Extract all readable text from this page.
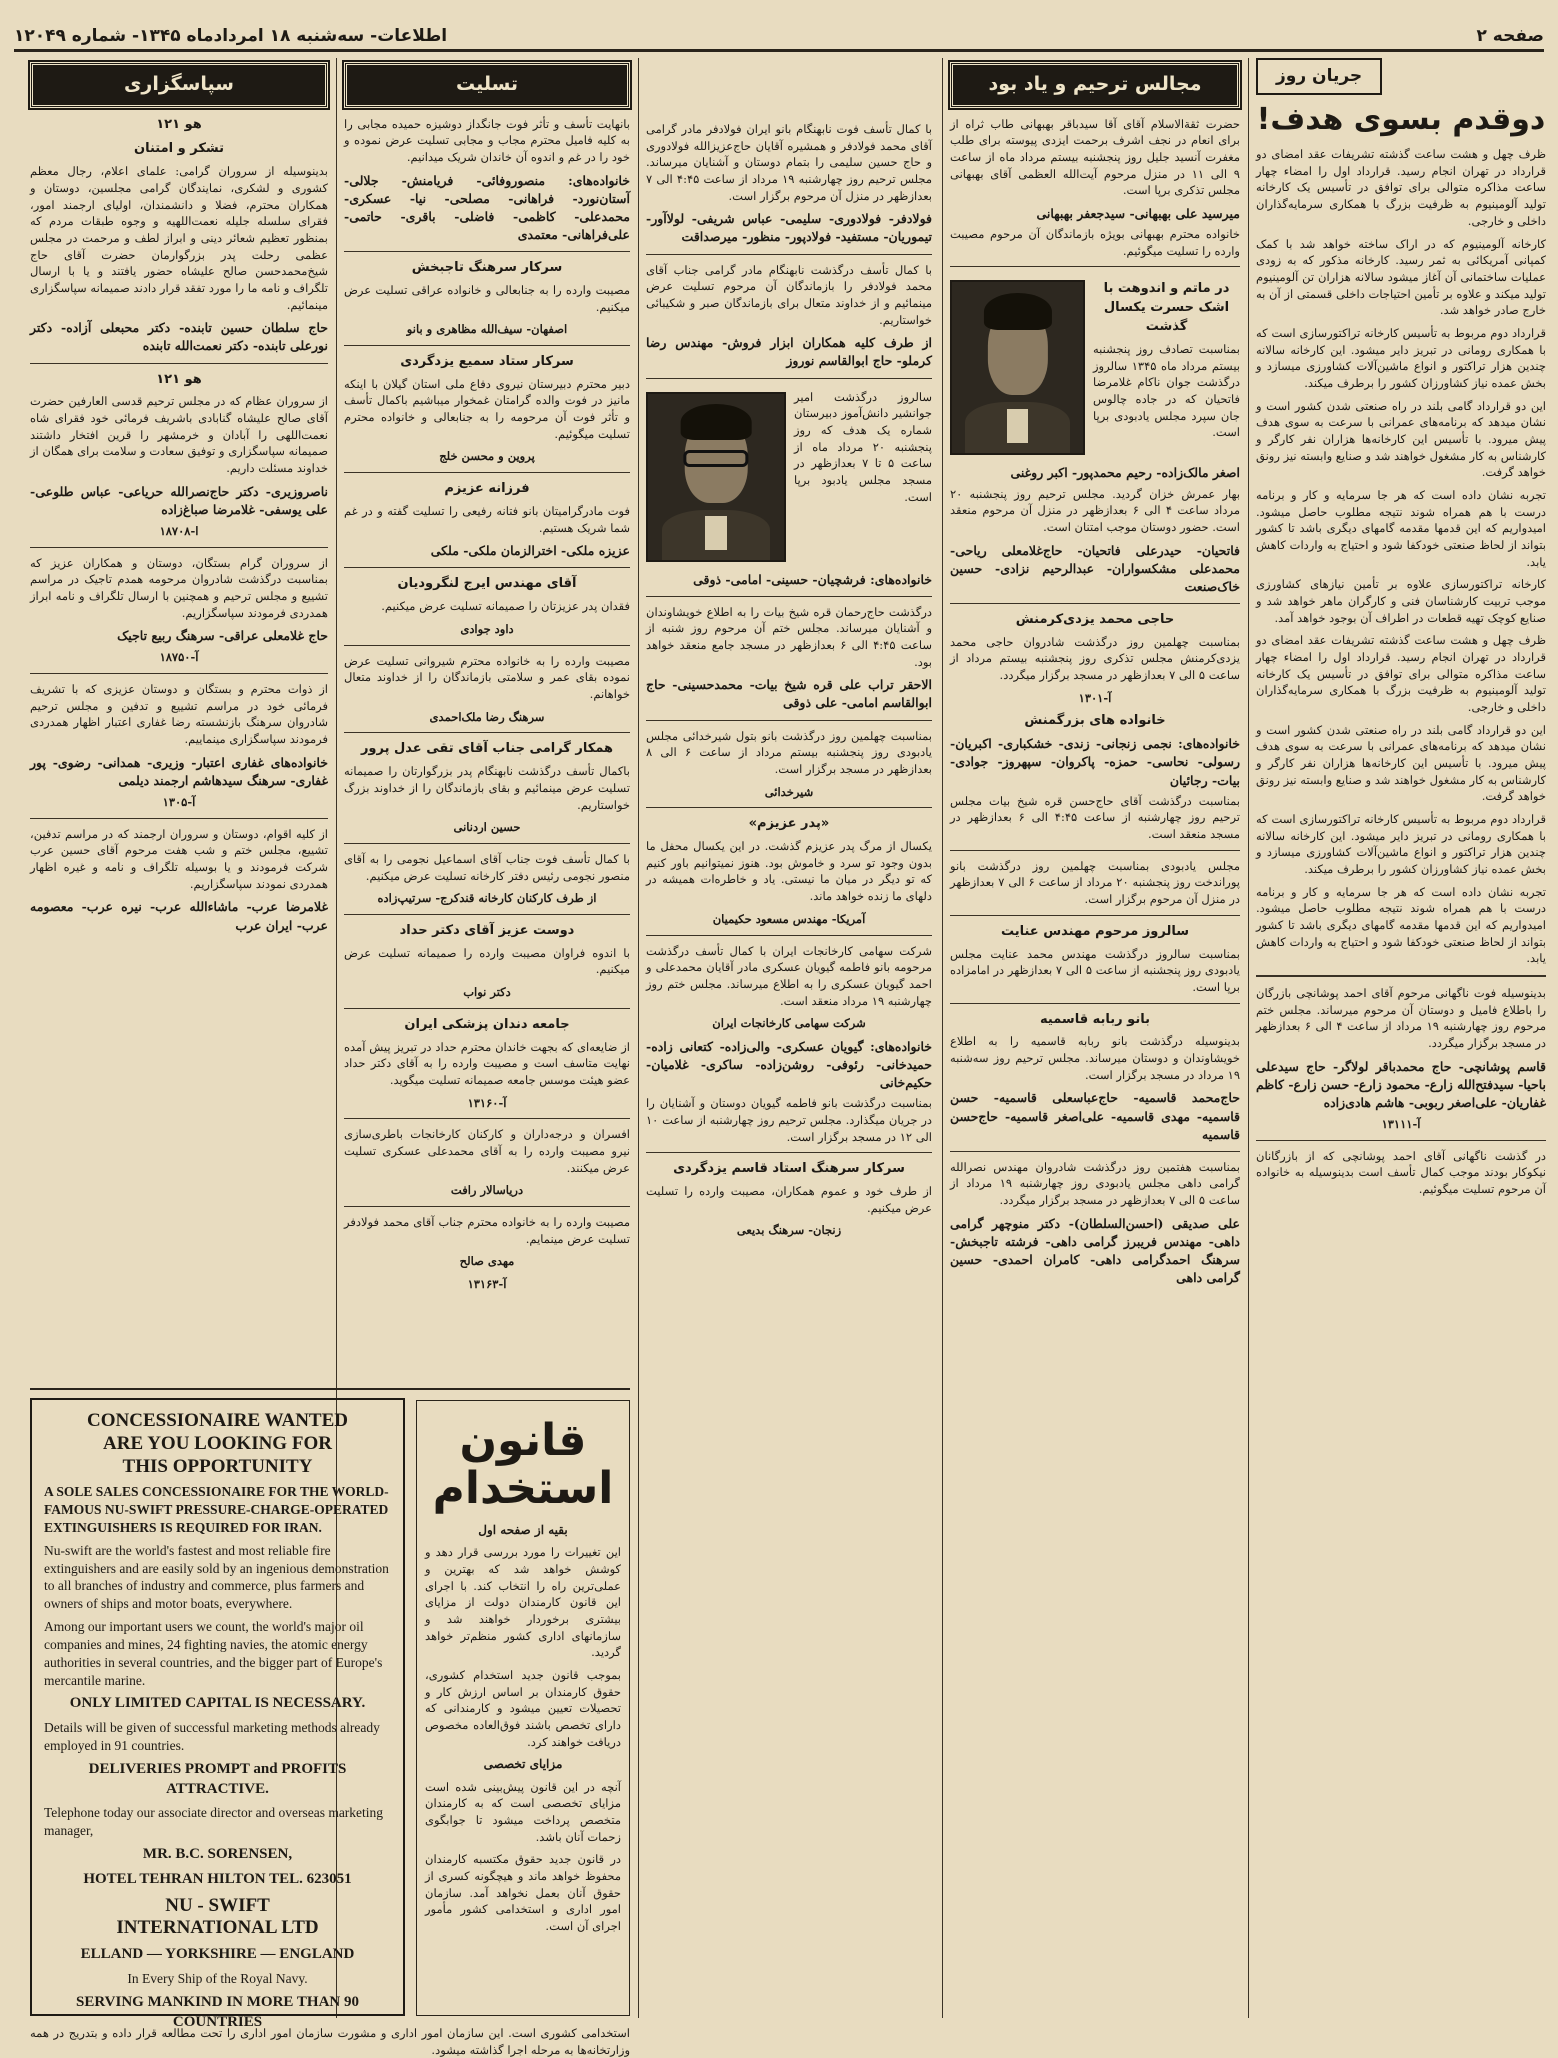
اطلاعات- سه‌شنبه ۱۸ امردادماه ۱۳۴۵- شماره ۱۲۰۴۹	صفحه ۲
جریان روز
دوقدم بسوی هدف!

ظرف چهل و هشت ساعت گذشته تشریفات عقد امضای دو قرارداد در تهران انجام رسید. قرارداد اول را امضاء چهار ساعت مذاکره متوالی برای توافق در تأسیس یک کارخانه تولید آلومینیوم به ظرفیت بزرگ با همکاری سرمایه‌گذاران داخلی و خارجی.

کارخانه آلومینیوم که در اراک ساخته خواهد شد با کمک کمپانی آمریکائی به ثمر رسید. کارخانه مذکور که به زودی عملیات ساختمانی آن آغاز میشود سالانه هزاران تن آلومینیوم تولید میکند و علاوه بر تأمین احتیاجات داخلی قسمتی از آن به خارج صادر خواهد شد.

قرارداد دوم مربوط به تأسیس کارخانه تراکتورسازی است که با همکاری رومانی در تبریز دایر میشود. این کارخانه سالانه چندین هزار تراکتور و انواع ماشین‌آلات کشاورزی میسازد و بخش عمده نیاز کشاورزان کشور را برطرف میکند.

این دو قرارداد گامی بلند در راه صنعتی شدن کشور است و نشان میدهد که برنامه‌های عمرانی با سرعت به سوی هدف پیش میرود. با تأسیس این کارخانه‌ها هزاران نفر کارگر و کارشناس به کار مشغول خواهند شد و صنایع وابسته نیز رونق خواهد گرفت.

تجربه نشان داده است که هر جا سرمایه و کار و برنامه درست با هم همراه شوند نتیجه مطلوب حاصل میشود. امیدواریم که این قدمها مقدمه گامهای دیگری باشد تا کشور بتواند از لحاظ صنعتی خودکفا شود و احتیاج به واردات کاهش یابد.

کارخانه تراکتورسازی علاوه بر تأمین نیازهای کشاورزی موجب تربیت کارشناسان فنی و کارگران ماهر خواهد شد و صنایع کوچک تهیه قطعات در اطراف آن بوجود خواهد آمد.

ظرف چهل و هشت ساعت گذشته تشریفات عقد امضای دو قرارداد در تهران انجام رسید. قرارداد اول را امضاء چهار ساعت مذاکره متوالی برای توافق در تأسیس یک کارخانه تولید آلومینیوم به ظرفیت بزرگ با همکاری سرمایه‌گذاران داخلی و خارجی.

این دو قرارداد گامی بلند در راه صنعتی شدن کشور است و نشان میدهد که برنامه‌های عمرانی با سرعت به سوی هدف پیش میرود. با تأسیس این کارخانه‌ها هزاران نفر کارگر و کارشناس به کار مشغول خواهند شد و صنایع وابسته نیز رونق خواهد گرفت.

قرارداد دوم مربوط به تأسیس کارخانه تراکتورسازی است که با همکاری رومانی در تبریز دایر میشود. این کارخانه سالانه چندین هزار تراکتور و انواع ماشین‌آلات کشاورزی میسازد و بخش عمده نیاز کشاورزان کشور را برطرف میکند.

تجربه نشان داده است که هر جا سرمایه و کار و برنامه درست با هم همراه شوند نتیجه مطلوب حاصل میشود. امیدواریم که این قدمها مقدمه گامهای دیگری باشد تا کشور بتواند از لحاظ صنعتی خودکفا شود و احتیاج به واردات کاهش یابد.

بدینوسیله فوت ناگهانی مرحوم آقای احمد پوشانچی بازرگان را باطلاع فامیل و دوستان آن مرحوم میرساند. مجلس ختم مرحوم روز چهارشنبه ۱۹ مرداد از ساعت ۴ الی ۶ بعدازظهر در مسجد برگزار میگردد.

قاسم پوشانچی- حاج محمدباقر لولاگر- حاج سیدعلی باحیا- سیدفتح‌الله زارع- محمود زارع- حسن زارع- کاظم غفاریان- علی‌اصغر ربوبی- هاشم هادی‌زاده
آ-۱۳۱۱۱

در گذشت ناگهانی آقای احمد پوشانچی که از بازرگانان نیکوکار بودند موجب کمال تأسف است بدینوسیله به خانواده آن مرحوم تسلیت میگوئیم.

مجالس ترحیم و یاد بود

حضرت ثقة‌الاسلام آقای آقا سیدباقر بهبهانی طاب ثراه از برای انعام در نجف اشرف برحمت ایزدی پیوسته برای طلب مغفرت آنسید جلیل روز پنجشنبه بیستم مرداد ماه از ساعت ۹ الی ۱۱ در منزل مرحوم آیت‌الله العظمی آقای بهبهانی مجلس تذکری برپا است.

میرسید علی بهبهانی- سیدجعفر بهبهانی

خانواده محترم بهبهانی بویژه بازماندگان آن مرحوم مصیبت وارده را تسلیت میگوئیم.

در ماتم و اندوهت با اشک حسرت یکسال گذشت

بمناسبت تصادف روز پنجشنبه بیستم مرداد ماه ۱۳۴۵ سالروز درگذشت جوان ناکام غلامرضا فاتحیان که در جاده چالوس جان سپرد مجلس یادبودی برپا است.

اصغر مالک‌زاده- رحیم محمدپور- اکبر روغنی

بهار عمرش خزان گردید. مجلس ترحیم روز پنجشنبه ۲۰ مرداد ساعت ۴ الی ۶ بعدازظهر در منزل آن مرحوم منعقد است. حضور دوستان موجب امتنان است.

فاتحیان- حیدرعلی فاتحیان- حاج‌غلامعلی ریاحی- محمدعلی مشکسواران- عبدالرحیم نزادی- حسین خاک‌صنعت
حاجی محمد یزدی‌کرمنش

بمناسبت چهلمین روز درگذشت شادروان حاجی محمد یزدی‌کرمنش مجلس تذکری روز پنجشنبه بیستم مرداد از ساعت ۵ الی ۷ بعدازظهر در مسجد برگزار میگردد.

آ-۱۳۰۱
خانواده های بزرگمنش
خانواده‌های: نجمی زنجانی- زندی- خشکباری- اکبریان- رسولی- نحاسی- حمزه- پاکروان- سپهروز- جوادی- بیات- رجائیان

بمناسبت درگذشت آقای حاج‌حسن قره شیخ بیات مجلس ترحیم روز چهارشنبه از ساعت ۴:۴۵ الی ۶ بعدازظهر در مسجد منعقد است.

مجلس یادبودی بمناسبت چهلمین روز درگذشت بانو پوراندخت روز پنجشنبه ۲۰ مرداد از ساعت ۶ الی ۷ بعدازظهر در منزل آن مرحوم برگزار است.

سالروز مرحوم مهندس عنایت

بمناسبت سالروز درگذشت مهندس محمد عنایت مجلس یادبودی روز پنجشنبه از ساعت ۵ الی ۷ بعدازظهر در امامزاده برپا است.

بانو ربابه قاسمیه

بدینوسیله درگذشت بانو ربابه قاسمیه را به اطلاع خویشاوندان و دوستان میرساند. مجلس ترحیم روز سه‌شنبه ۱۹ مرداد در مسجد برگزار است.

حاج‌محمد قاسمیه- حاج‌عباسعلی قاسمیه- حسن قاسمیه- مهدی قاسمیه- علی‌اصغر قاسمیه- حاج‌حسن قاسمیه

بمناسبت هفتمین روز درگذشت شادروان مهندس نصرالله گرامی داهی مجلس یادبودی روز چهارشنبه ۱۹ مرداد از ساعت ۵ الی ۷ بعدازظهر در مسجد برگزار میگردد.

علی صدیقی (احسن‌السلطان)- دکتر منوچهر گرامی داهی- مهندس فریبرز گرامی داهی- فرشته تاجبخش- سرهنگ احمدگرامی داهی- کامران احمدی- حسین گرامی داهی

با کمال تأسف فوت نابهنگام بانو ایران فولادفر مادر گرامی آقای محمد فولادفر و همشیره آقایان حاج‌عزیزالله فولادوری و حاج حسین سلیمی را بتمام دوستان و آشنایان میرساند. مجلس ترحیم روز چهارشنبه ۱۹ مرداد از ساعت ۴:۴۵ الی ۷ بعدازظهر در منزل آن مرحوم برگزار است.

فولادفر- فولادوری- سلیمی- عباس شریفی- لولاآور- تیموریان- مستفید- فولادپور- منظور- میرصداقت

با کمال تأسف درگذشت نابهنگام مادر گرامی جناب آقای محمد فولادفر را بازماندگان آن مرحوم تسلیت عرض مینمائیم و از خداوند متعال برای بازماندگان صبر و شکیبائی خواستاریم.

از طرف کلیه همکاران ابزار فروش- مهندس رضا کرملو- حاج ابوالقاسم نوروز

سالروز درگذشت امیر جوانشیر دانش‌آموز دبیرستان شماره یک هدف که روز پنجشنبه ۲۰ مرداد ماه از ساعت ۵ تا ۷ بعدازظهر در مسجد مجلس یادبود برپا است.

خانواده‌های: فرشچیان- حسینی- امامی- ذوقی

درگذشت حاج‌رحمان قره شیخ بیات را به اطلاع خویشاوندان و آشنایان میرساند. مجلس ختم آن مرحوم روز شنبه از ساعت ۴:۴۵ الی ۶ بعدازظهر در مسجد جامع منعقد خواهد بود.

الاحقر تراب علی قره شیخ بیات- محمدحسینی- حاج ابوالقاسم امامی- علی ذوقی

بمناسبت چهلمین روز درگذشت بانو بتول شیرخدائی مجلس یادبودی روز پنجشنبه بیستم مرداد از ساعت ۶ الی ۸ بعدازظهر در مسجد برگزار است.

شیرخدائی
«پدر عزیزم»

یکسال از مرگ پدر عزیزم گذشت. در این یکسال محفل ما بدون وجود تو سرد و خاموش بود. هنوز نمیتوانیم باور کنیم که تو دیگر در میان ما نیستی. یاد و خاطره‌ات همیشه در دلهای ما زنده خواهد ماند.

آمریکا- مهندس مسعود حکیمیان

شرکت سهامی کارخانجات ایران با کمال تأسف درگذشت مرحومه بانو فاطمه گیویان عسکری مادر آقایان محمدعلی و احمد گیویان عسکری را به اطلاع میرساند. مجلس ختم روز چهارشنبه ۱۹ مرداد منعقد است.

شرکت سهامی کارخانجات ایران
خانواده‌های: گیویان عسکری- والی‌زاده- کتعانی زاده- حمیدخانی- رئوفی- روشن‌زاده- ساکری- غلامیان- حکیم‌خانی

بمناسبت درگذشت بانو فاطمه گیویان دوستان و آشنایان را در جریان میگذارد. مجلس ترحیم روز چهارشنبه از ساعت ۱۰ الی ۱۲ در مسجد برگزار است.

سرکار سرهنگ استاد قاسم یزدگردی

از طرف خود و عموم همکاران، مصیبت وارده را تسلیت عرض میکنیم.

زنجان- سرهنگ بدیعی
تسلیت

بانهایت تأسف و تأثر فوت جانگداز دوشیزه حمیده مجابی را به کلیه فامیل محترم مجاب و مجابی تسلیت عرض نموده و خود را در غم و اندوه آن خاندان شریک میدانیم.

خانواده‌های: منصوروفائی- فریامنش- جلالی- آستان‌نورد- فراهانی- مصلحی- نیا- عسکری- محمدعلی- کاظمی- فاضلی- باقری- حاتمی- علی‌فراهانی- معتمدی
سرکار سرهنگ تاجبخش

مصیبت وارده را به جنابعالی و خانواده عراقی تسلیت عرض میکنیم.

اصفهان- سیف‌الله مظاهری و بانو
سرکار ستاد سمیع یزدگردی

دبیر محترم دبیرستان نیروی دفاع ملی استان گیلان با اینکه مانیز در فوت والده گرامتان غمخوار میباشیم باکمال تأسف و تأثر فوت آن مرحومه را به جنابعالی و خانواده محترم تسلیت میگوئیم.

پروین و محسن خلج
فرزانه عزیزم

فوت مادرگرامیتان بانو فتانه رفیعی را تسلیت گفته و در غم شما شریک هستیم.

عزیزه ملکی- اخترالزمان ملکی- ملکی
آقای مهندس ایرج لنگرودیان

فقدان پدر عزیزتان را صمیمانه تسلیت عرض میکنیم.

داود جوادی

مصیبت وارده را به خانواده محترم شیروانی تسلیت عرض نموده بقای عمر و سلامتی بازماندگان را از خداوند متعال خواهانم.

سرهنگ رضا ملک‌احمدی
همکار گرامی جناب آقای تقی عدل پرور

باکمال تأسف درگذشت نابهنگام پدر بزرگوارتان را صمیمانه تسلیت عرض مینمائیم و بقای بازماندگان را از خداوند بزرگ خواستاریم.

حسین اردنانی

با کمال تأسف فوت جناب آقای اسماعیل نجومی را به آقای منصور نجومی رئیس دفتر کارخانه تسلیت عرض میکنیم.

از طرف کارکنان کارخانه قندکرج- سرتیپ‌زاده
دوست عزیز آقای دکتر حداد

با اندوه فراوان مصیبت وارده را صمیمانه تسلیت عرض میکنیم.

دکتر نواب
جامعه دندان پزشکی ایران

از ضایعه‌ای که بجهت خاندان محترم حداد در تبریز پیش آمده نهایت متاسف است و مصیبت وارده را به آقای دکتر حداد عضو هیئت موسس جامعه صمیمانه تسلیت میگوید.

آ-۱۳۱۶۰

افسران و درجه‌داران و کارکنان کارخانجات باطری‌سازی نیرو مصیبت وارده را به آقای محمدعلی عسکری تسلیت عرض میکنند.

دریاسالار رافت

مصیبت وارده را به خانواده محترم جناب آقای محمد فولادفر تسلیت عرض مینمایم.

مهدی صالح
آ-۱۳۱۶۳
سپاسگزاری
هو ۱۲۱
تشکر و امتنان

بدینوسیله از سروران گرامی: علمای اعلام، رجال معظم کشوری و لشکری، نمایندگان گرامی مجلسین، دوستان و همکاران محترم، فضلا و دانشمندان، اولیای ارجمند امور، فقرای سلسله جلیله نعمت‌اللهیه و وجوه طبقات مردم که بمنظور تعظیم شعائر دینی و ابراز لطف و مرحمت در مجلس عظمی رحلت پدر بزرگوارمان حضرت آقای حاج شیخ‌محمدحسن صالح علیشاه حضور یافتند و یا با ارسال تلگراف و نامه ما را مورد تفقد قرار دادند صمیمانه سپاسگزاری مینمائیم.

حاج سلطان حسین تابنده- دکتر محبعلی آزاده- دکتر نورعلی تابنده- دکتر نعمت‌الله تابنده
هو ۱۲۱

از سروران عظام که در مجلس ترحیم قدسی العارفین حضرت آقای صالح علیشاه گنابادی باشریف فرمائی خود فقرای شاه نعمت‌اللهی را آبادان و خرمشهر را قرین افتخار داشتند صمیمانه سپاسگزاری و توفیق سعادت و سلامت برای همگان از خداوند مسئلت داریم.

ناصروزیری- دکتر حاج‌نصرالله حریاعی- عباس طلوعی- علی یوسفی- غلامرضا صباغ‌زاده
ا-۱۸۷۰۸

از سروران گرام بستگان، دوستان و همکاران عزیز که بمناسبت درگذشت شادروان مرحومه همدم تاجیک در مراسم تشییع و مجلس ترحیم و همچنین با ارسال تلگراف و نامه ابراز همدردی فرمودند سپاسگزاریم.

حاج غلامعلی عراقی- سرهنگ ربیع تاجیک
آ-۱۸۷۵۰

از ذوات محترم و بستگان و دوستان عزیزی که با تشریف فرمائی خود در مراسم تشییع و تدفین و مجلس ترحیم شادروان سرهنگ بازنشسته رضا غفاری اعتبار اظهار همدردی فرمودند سپاسگزاری مینماییم.

خانواده‌های غفاری اعتبار- وزیری- همدانی- رضوی- پور غفاری- سرهنگ سیدهاشم ارجمند دیلمی
آ-۱۳۰۵

از کلیه اقوام، دوستان و سروران ارجمند که در مراسم تدفین، تشییع، مجلس ختم و شب هفت مرحوم آقای حسین عرب شرکت فرمودند و یا بوسیله تلگراف و نامه و غیره اظهار همدردی نمودند سپاسگزاریم.

غلامرضا عرب- ماشاءالله عرب- نیره عرب- معصومه عرب- ایران عرب
CONCESSIONAIRE WANTED
ARE YOU LOOKING FOR
THIS OPPORTUNITY

A SOLE SALES CONCESSIONAIRE FOR THE WORLD-FAMOUS NU-SWIFT PRESSURE-CHARGE-OPERATED EXTINGUISHERS IS REQUIRED FOR IRAN.

Nu-swift are the world's fastest and most reliable fire extinguishers and are easily sold by an ingenious demonstration to all branches of industry and commerce, plus farmers and owners of ships and motor boats, everywhere.

Among our important users we count, the world's major oil companies and mines, 24 fighting navies, the atomic energy authorities in several countries, and the bigger part of Europe's mercantile marine.

ONLY LIMITED CAPITAL IS NECESSARY.

Details will be given of successful marketing methods already employed in 91 countries.

DELIVERIES PROMPT and PROFITS ATTRACTIVE.

Telephone today our associate director and overseas marketing manager,

MR. B.C. SORENSEN,

HOTEL TEHRAN HILTON TEL. 623051

NU - SWIFT
INTERNATIONAL LTD

ELLAND — YORKSHIRE — ENGLAND

In Every Ship of the Royal Navy.

SERVING MANKIND IN MORE THAN 90 COUNTRIES

قانون استخدام
بقیه از صفحه اول

این تغییرات را مورد بررسی قرار دهد و کوشش خواهد شد که بهترین و عملی‌ترین راه را انتخاب کند. با اجرای این قانون کارمندان دولت از مزایای بیشتری برخوردار خواهند شد و سازمانهای اداری کشور منظم‌تر خواهد گردید.

بموجب قانون جدید استخدام کشوری، حقوق کارمندان بر اساس ارزش کار و تحصیلات تعیین میشود و کارمندانی که دارای تخصص باشند فوق‌العاده مخصوص دریافت خواهند کرد.

مزایای تخصصی

آنچه در این قانون پیش‌بینی شده است مزایای تخصصی است که به کارمندان متخصص پرداخت میشود تا جوابگوی زحمات آنان باشد.

در قانون جدید حقوق مکتسبه کارمندان محفوظ خواهد ماند و هیچگونه کسری از حقوق آنان بعمل نخواهد آمد. سازمان امور اداری و استخدامی کشور مأمور اجرای آن است.

استخدامی کشوری است. این سازمان امور اداری و مشورت سازمان امور اداری را تحت مطالعه قرار داده و بتدریج در همه وزارتخانه‌ها به مرحله اجرا گذاشته میشود.
